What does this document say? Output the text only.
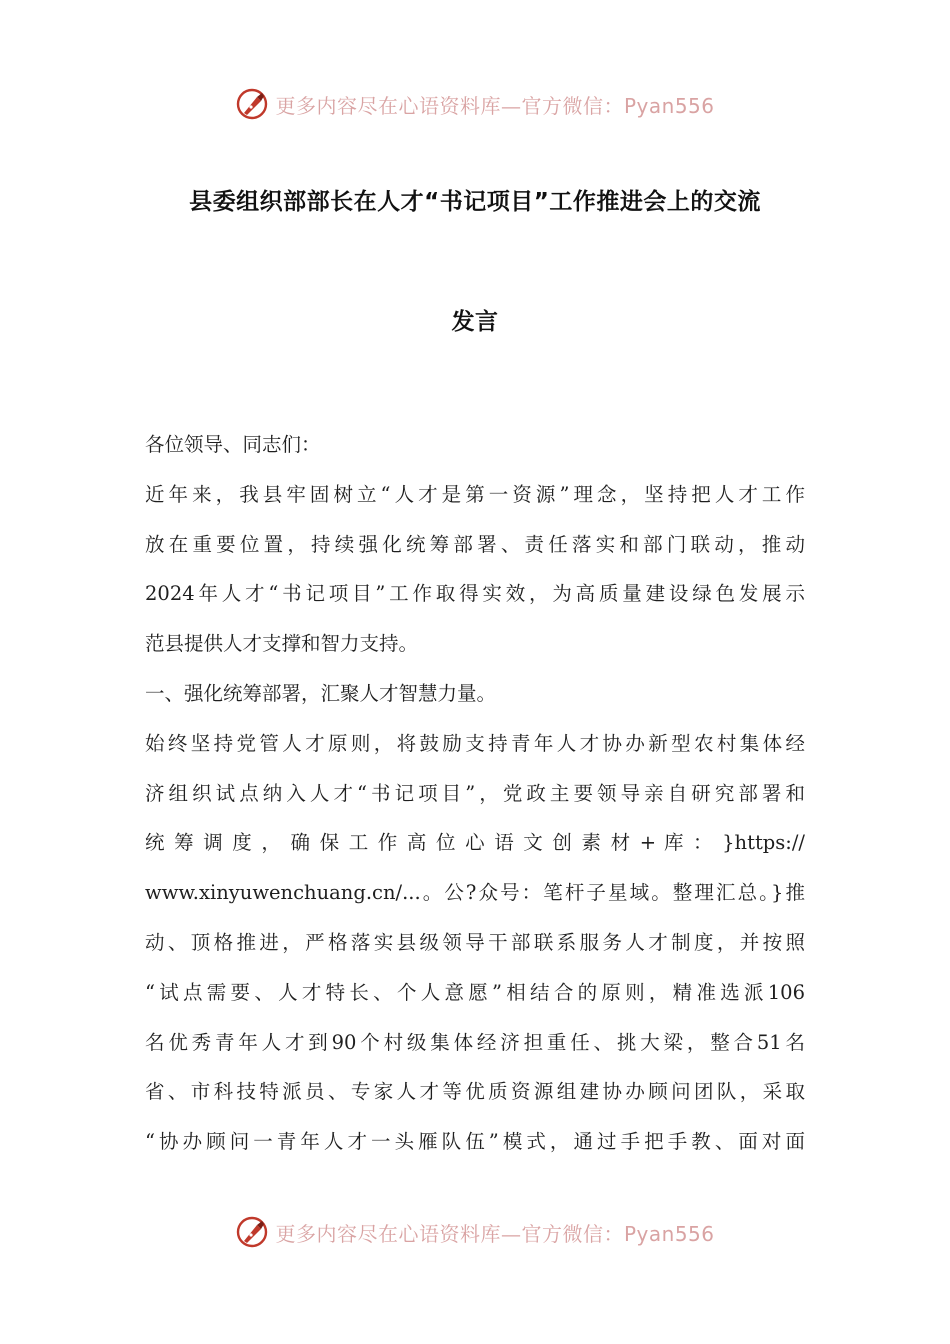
更多内容尽在心语资料库—官方微信：Pyan556
县委组织部部长在人才“书记项目”工作推进会上的交流
发言
各位领导、同志们：
近年来，我县牢固树立“人才是第一资源”理念，坚持把人才工作
放在重要位置，持续强化统筹部署、责任落实和部门联动，推动
2024年人才“书记项目”工作取得实效，为高质量建设绿色发展示
范县提供人才支撑和智力支持。
一、强化统筹部署，汇聚人才智慧力量。
始终坚持党管人才原则，将鼓励支持青年人才协办新型农村集体经
济组织试点纳入人才“书记项目”，党政主要领导亲自研究部署和
统 筹 调 度 ， 确 保 工 作 高 位 心 语 文 创 素 材 + 库 ： }https://
www.xinyuwenchuang.cn/...。公?众号：笔杆子星域。整理汇总。}推
动、顶格推进，严格落实县级领导干部联系服务人才制度，并按照
“试点需要、人才特长、个人意愿”相结合的原则，精准选派106
名优秀青年人才到90个村级集体经济担重任、挑大梁，整合51名
省、市科技特派员、专家人才等优质资源组建协办顾问团队，采取
“协办顾问一青年人才一头雁队伍”模式，通过手把手教、面对面
更多内容尽在心语资料库—官方微信：Pyan556
